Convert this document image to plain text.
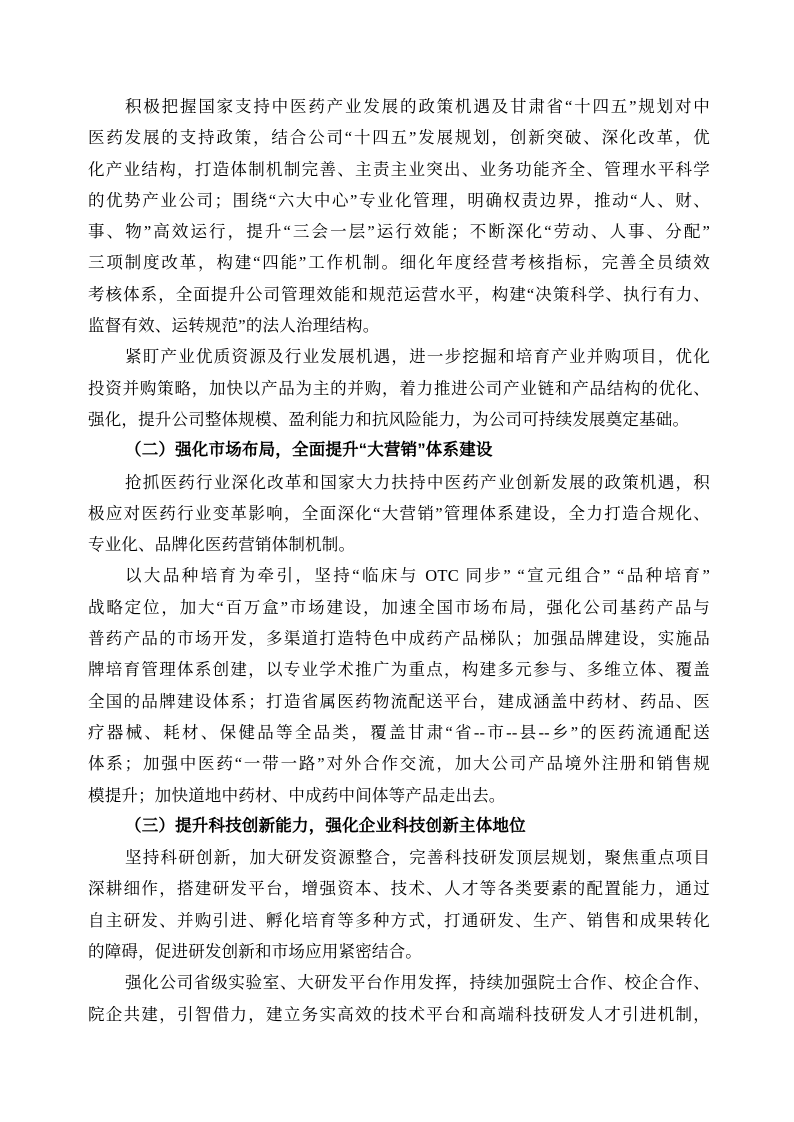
积极把握国家支持中医药产业发展的政策机遇及甘肃省“十四五”规划对中
医药发展的支持政策，结合公司“十四五”发展规划，创新突破、深化改革，优
化产业结构，打造体制机制完善、主责主业突出、业务功能齐全、管理水平科学
的优势产业公司；围绕“六大中心”专业化管理，明确权责边界，推动“人、财、
事、物”高效运行，提升“三会一层”运行效能；不断深化“劳动、人事、分配”
三项制度改革，构建“四能”工作机制。细化年度经营考核指标，完善全员绩效
考核体系，全面提升公司管理效能和规范运营水平，构建“决策科学、执行有力、
监督有效、运转规范”的法人治理结构。
紧盯产业优质资源及行业发展机遇，进一步挖掘和培育产业并购项目，优化
投资并购策略，加快以产品为主的并购，着力推进公司产业链和产品结构的优化、
强化，提升公司整体规模、盈利能力和抗风险能力，为公司可持续发展奠定基础。
（二）强化市场布局，全面提升“大营销”体系建设
抢抓医药行业深化改革和国家大力扶持中医药产业创新发展的政策机遇，积
极应对医药行业变革影响，全面深化“大营销”管理体系建设，全力打造合规化、
专业化、品牌化医药营销体制机制。
以大品种培育为牵引，坚持“临床与 OTC 同步” “宣元组合” “品种培育”
战略定位，加大“百万盒”市场建设，加速全国市场布局，强化公司基药产品与
普药产品的市场开发，多渠道打造特色中成药产品梯队；加强品牌建设，实施品
牌培育管理体系创建，以专业学术推广为重点，构建多元参与、多维立体、覆盖
全国的品牌建设体系；打造省属医药物流配送平台，建成涵盖中药材、药品、医
疗器械、耗材、保健品等全品类，覆盖甘肃“省--市--县--乡”的医药流通配送
体系；加强中医药“一带一路”对外合作交流，加大公司产品境外注册和销售规
模提升；加快道地中药材、中成药中间体等产品走出去。
（三）提升科技创新能力，强化企业科技创新主体地位
坚持科研创新，加大研发资源整合，完善科技研发顶层规划，聚焦重点项目
深耕细作，搭建研发平台，增强资本、技术、人才等各类要素的配置能力，通过
自主研发、并购引进、孵化培育等多种方式，打通研发、生产、销售和成果转化
的障碍，促进研发创新和市场应用紧密结合。
强化公司省级实验室、大研发平台作用发挥，持续加强院士合作、校企合作、
院企共建，引智借力，建立务实高效的技术平台和高端科技研发人才引进机制，
